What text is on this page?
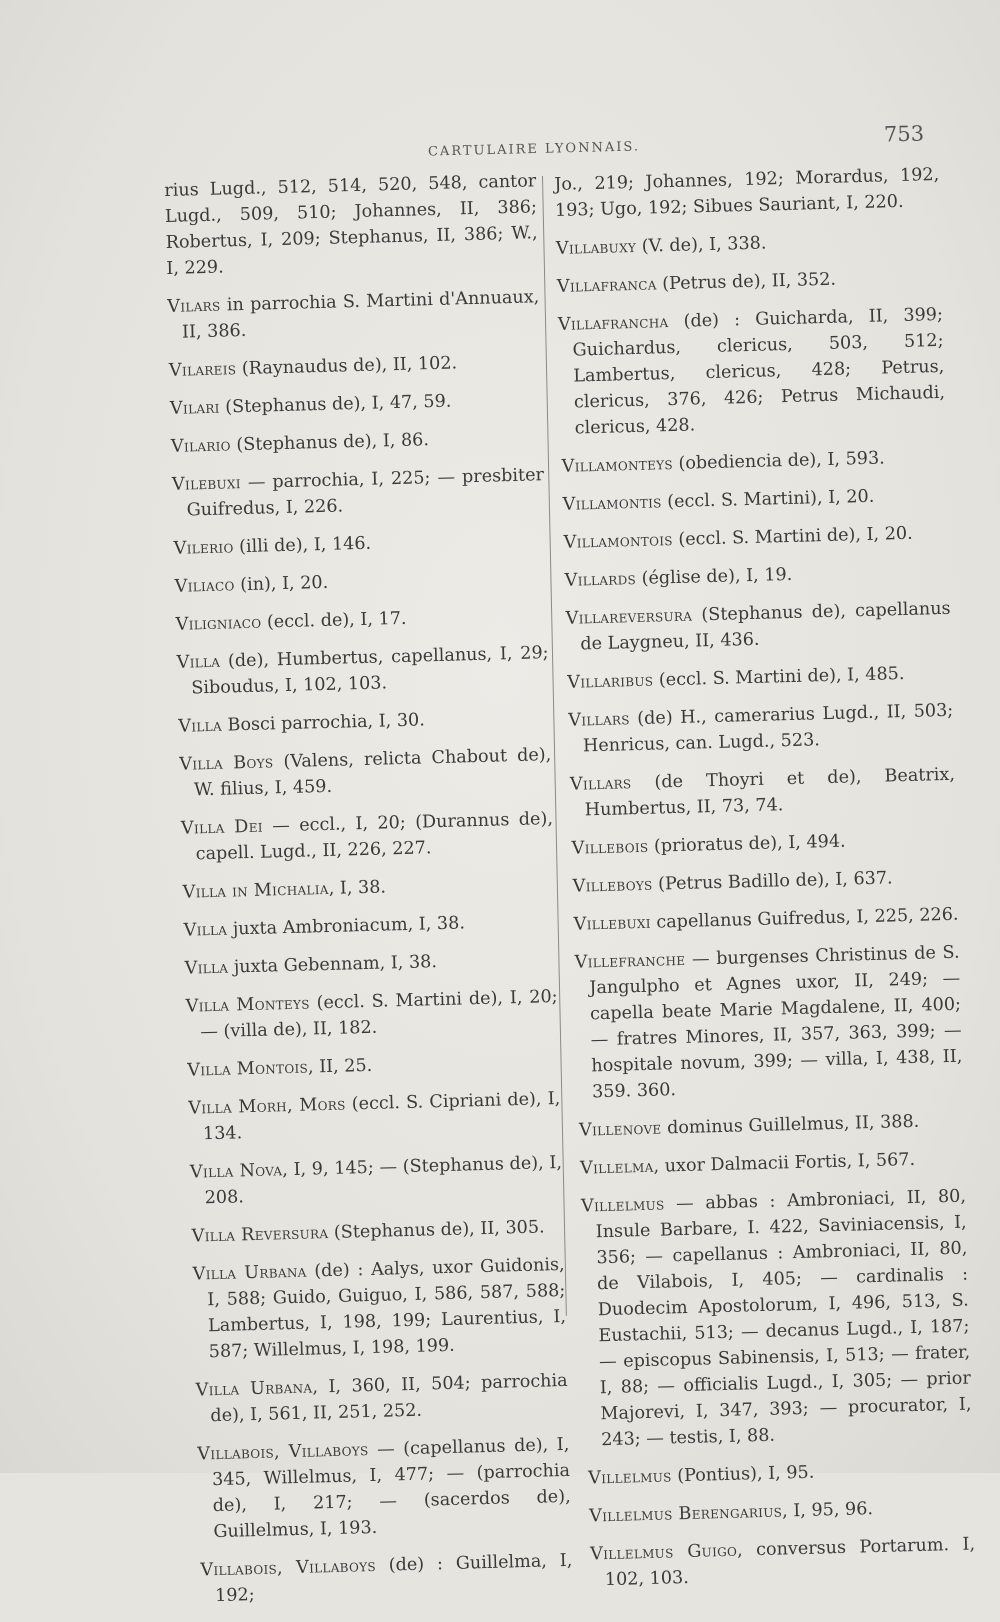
CARTULAIRE LYONNAIS.
753

rius Lugd., 512, 514, 520, 548, cantor Lugd., 509, 510; Johannes, II, 386; Robertus, I, 209; Stephanus, II, 386; W., I, 229.

Vilars in parrochia S. Martini d'Annuaux, II, 386.

Vilareis (Raynaudus de), II, 102.

Vilari (Stephanus de), I, 47, 59.

Vilario (Stephanus de), I, 86.

Vilebuxi — parrochia, I, 225; — presbiter Guifredus, I, 226.

Vilerio (illi de), I, 146.

Viliaco (in), I, 20.

Viligniaco (eccl. de), I, 17.

Villa (de), Humbertus, capellanus, I, 29; Siboudus, I, 102, 103.

Villa Bosci parrochia, I, 30.

Villa Boys (Valens, relicta Chabout de), W. filius, I, 459.

Villa Dei — eccl., I, 20; (Durannus de), capell. Lugd., II, 226, 227.

Villa in Michalia, I, 38.

Villa juxta Ambroniacum, I, 38.

Villa juxta Gebennam, I, 38.

Villa Monteys (eccl. S. Martini de), I, 20; — (villa de), II, 182.

Villa Montois, II, 25.

Villa Morh, Mors (eccl. S. Cipriani de), I, 134.

Villa Nova, I, 9, 145; — (Stephanus de), I, 208.

Villa Reversura (Stephanus de), II, 305.

Villa Urbana (de) : Aalys, uxor Guidonis, I, 588; Guido, Guiguo, I, 586, 587, 588; Lambertus, I, 198, 199; Laurentius, I, 587; Willelmus, I, 198, 199.

Villa Urbana, I, 360, II, 504; parrochia de), I, 561, II, 251, 252.

Villabois, Villaboys — (capellanus de), I, 345, Willelmus, I, 477; — (parrochia de), I, 217; — (sacerdos de), Guillelmus, I, 193.

Villabois, Villaboys (de) : Guillelma, I, 192;

Jo., 219; Johannes, 192; Morardus, 192, 193; Ugo, 192; Sibues Sauriant, I, 220.

Villabuxy (V. de), I, 338.

Villafranca (Petrus de), II, 352.

Villafrancha (de) : Guicharda, II, 399; Guichardus, clericus, 503, 512; Lambertus, clericus, 428; Petrus, clericus, 376, 426; Petrus Michaudi, clericus, 428.

Villamonteys (obediencia de), I, 593.

Villamontis (eccl. S. Martini), I, 20.

Villamontois (eccl. S. Martini de), I, 20.

Villards (église de), I, 19.

Villareversura (Stephanus de), capellanus de Laygneu, II, 436.

Villaribus (eccl. S. Martini de), I, 485.

Villars (de) H., camerarius Lugd., II, 503; Henricus, can. Lugd., 523.

Villars (de Thoyri et de), Beatrix, Humbertus, II, 73, 74.

Villebois (prioratus de), I, 494.

Villeboys (Petrus Badillo de), I, 637.

Villebuxi capellanus Guifredus, I, 225, 226.

Villefranche — burgenses Christinus de S. Jangulpho et Agnes uxor, II, 249; — capella beate Marie Magdalene, II, 400; — fratres Minores, II, 357, 363, 399; — hospitale novum, 399; — villa, I, 438, II, 359. 360.

Villenove dominus Guillelmus, II, 388.

Villelma, uxor Dalmacii Fortis, I, 567.

Villelmus — abbas : Ambroniaci, II, 80, Insule Barbare, I. 422, Saviniacensis, I, 356; — capellanus : Ambroniaci, II, 80, de Vilabois, I, 405; — cardinalis : Duodecim Apostolorum, I, 496, 513, S. Eustachii, 513; — decanus Lugd., I, 187; — episcopus Sabinensis, I, 513; — frater, I, 88; — officialis Lugd., I, 305; — prior Majorevi, I, 347, 393; — procurator, I, 243; — testis, I, 88.

Villelmus (Pontius), I, 95.

Villelmus Berengarius, I, 95, 96.

Villelmus Guigo, conversus Portarum. I, 102, 103.
